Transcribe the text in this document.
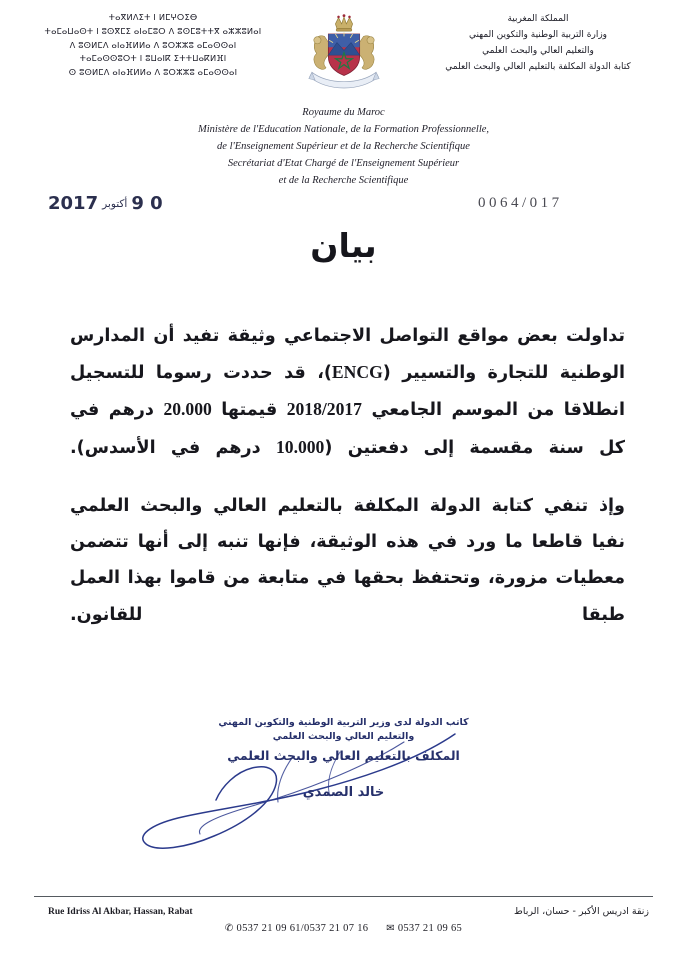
ⵜⴰⴳⵍⴷⵉⵜ ⵏ ⵍⵎⵖⵔⵉⴱ
ⵜⴰⵎⴰⵡⴰⵙⵜ ⵏ ⵓⵙⴳⵎⵉ ⴰⵏⴰⵎⵓⵔ ⴷ ⵓⵙⵎⵓⵜⵜⴳ ⴰⵣⵣⵓⵍⴰⵏ
ⴷ ⵓⵙⵍⵎⴷ ⴰⵏⴰⴼⵍⵍⴰ ⴷ ⵓⵔⵣⵣⵓ ⴰⵎⴰⵙⵙⴰⵏ
ⵜⴰⵎⴰⵙⵙⵓⵔⵜ ⵏ ⵓⵡⴰⵏⴽ ⵉⵜⵜⵡⴰⴽⵍⴼⵏ
ⵙ ⵓⵙⵍⵎⴷ ⴰⵏⴰⴼⵍⵍⴰ ⴷ ⵓⵔⵣⵣⵓ ⴰⵎⴰⵙⵙⴰⵏ
المملكة المغربية
وزارة التربية الوطنية والتكوين المهني
والتعليم العالي والبحث العلمي
كتابة الدولة المكلفة بالتعليم العالي والبحث العلمي
Royaume du Maroc
Ministère de l'Education Nationale, de la Formation Professionnelle,
de l'Enseignement Supérieur et de la Recherche Scientifique
Secrétariat d'Etat Chargé de l'Enseignement Supérieur
et de la Recherche Scientifique
0 9أكتوبر2017	0064/017
بيان

تداولت بعض مواقع التواصل الاجتماعي وثيقة تفيد أن المدارس الوطنية للتجارة والتسيير (ENCG)، قد حددت رسوما للتسجيل انطلاقا من الموسم الجامعي 2018/2017 قيمتها 20.000 درهم في كل سنة مقسمة إلى دفعتين (10.000 درهم في الأسدس).

وإذ تنفي كتابة الدولة المكلفة بالتعليم العالي والبحث العلمي نفيا قاطعا ما ورد في هذه الوثيقة، فإنها تنبه إلى أنها تتضمن معطيات مزورة، وتحتفظ بحقها في متابعة من قاموا بهذا العمل طبقا للقانون.

كاتب الدولة لدى وزير التربية الوطنية والتكوين المهني
والتعليم العالي والبحث العلمي
المكلف بالتعليم العالي والبحث العلمي
خالد الصمدي
Rue Idriss Al Akbar, Hassan, Rabat	زنقة ادريس الأكبر - حسان، الرباط
✆ 0537 21 09 61/0537 21 07 16 ✉ 0537 21 09 65
